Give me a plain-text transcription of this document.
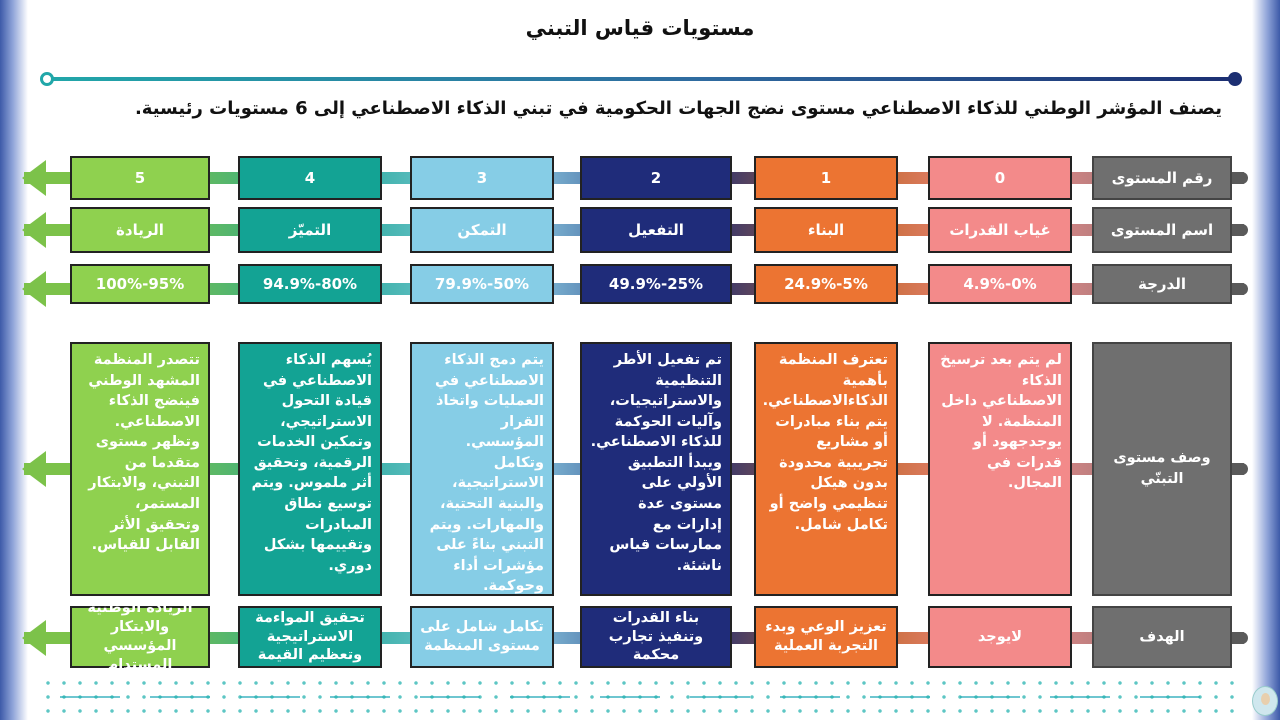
مستويات قياس التبني
يصنف المؤشر الوطني للذكاء الاصطناعي مستوى نضج الجهات الحكومية في تبني الذكاء الاصطناعي إلى 6 مستويات رئيسية.
رقم المستوى
اسم المستوى
الدرجة
وصف مستوى التبنّي
الهدف
0
غياب القدرات
0%-4.9%
لم يتم بعد ترسيخ الذكاء الاصطناعي داخل المنظمة. لا يوجدجهود أو قدرات في المجال.
لايوجد
1
البناء
5%-24.9%
تعترف المنظمة بأهمية الذكاءالاصطناعي. يتم بناء مبادرات أو مشاريع تجريبية محدودة بدون هيكل تنظيمي واضح أو تكامل شامل.
تعزيز الوعي وبدء التجربة العملية
2
التفعيل
25%-49.9%
تم تفعيل الأطر التنظيمية والاستراتيجيات، وآليات الحوكمة للذكاء الاصطناعي. ويبدأ التطبيق الأولي على مستوى عدة إدارات مع ممارسات قياس ناشئة.
بناء القدرات وتنفيذ تجارب محكمة
3
التمكن
50%-79.9%
يتم دمج الذكاء الاصطناعي في العمليات واتخاذ القرار المؤسسي. وتكامل الاستراتيجية، والبنية التحتية، والمهارات. ويتم التبني بناءً على مؤشرات أداء وحوكمة.
تكامل شامل على مستوى المنظمة
4
التميّز
80%-94.9%
يُسهم الذكاء الاصطناعي في قيادة التحول الاستراتيجي، وتمكين الخدمات الرقمية، وتحقيق أثر ملموس. ويتم توسيع نطاق المبادرات وتقييمها بشكل دوري.
تحقيق المواءمة الاستراتيجية وتعظيم القيمة
5
الريادة
95%-100%
تتصدر المنظمة المشهد الوطني فينضج الذكاء الاصطناعي. وتظهر مستوى متقدما من التبني، والابتكار المستمر، وتحقيق الأثر القابل للقياس.
الريادة الوطنية والابتكار المؤسسي المستدام
